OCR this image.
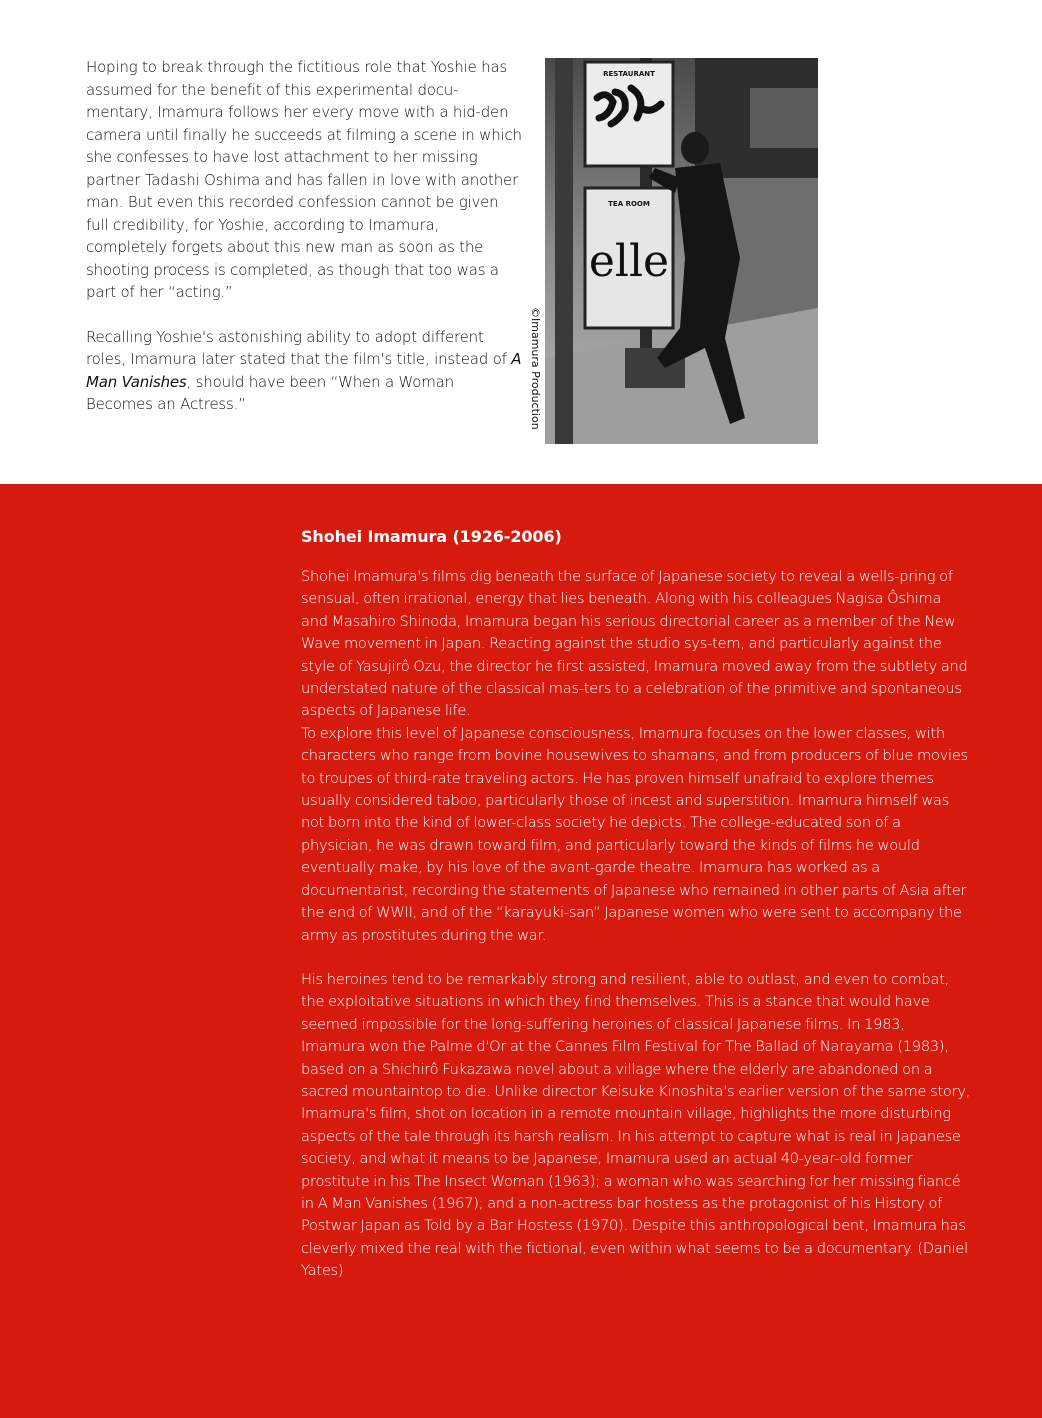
Hoping to break through the fictitious role that Yoshie has assumed for the benefit of this experimental docu-mentary, Imamura follows her every move with a hid-den camera until finally he succeeds at filming a scene in which she confesses to have lost attachment to her missing partner Tadashi Oshima and has fallen in love with another man. But even this recorded confession cannot be given full credibility, for Yoshie, according to Imamura, completely forgets about this new man as soon as the shooting process is completed, as though that too was a part of her “acting.”

Recalling Yoshie's astonishing ability to adopt different roles, Imamura later stated that the film's title, instead of A Man Vanishes, should have been “When a Woman Becomes an Actress.”

RESTAURANT
TEA ROOM
elle
©Imamura Production
Shohei Imamura (1926-2006)

Shohei Imamura's films dig beneath the surface of Japanese society to reveal a wells-pring of sensual, often irrational, energy that lies beneath. Along with his colleagues Nagisa Ôshima and Masahiro Shinoda, Imamura began his serious directorial career as a member of the New Wave movement in Japan. Reacting against the studio sys-tem, and particularly against the style of Yasujirô Ozu, the director he first assisted, Imamura moved away from the subtlety and understated nature of the classical mas-ters to a celebration of the primitive and spontaneous aspects of Japanese life.

To explore this level of Japanese consciousness, Imamura focuses on the lower classes, with characters who range from bovine housewives to shamans, and from producers of blue movies to troupes of third-rate traveling actors. He has proven himself unafraid to explore themes usually considered taboo, particularly those of incest and superstition. Imamura himself was not born into the kind of lower-class society he depicts. The college-educated son of a physician, he was drawn toward film, and particularly toward the kinds of films he would eventually make, by his love of the avant-garde theatre. Imamura has worked as a documentarist, recording the statements of Japanese who remained in other parts of Asia after the end of WWII, and of the “karayuki-san” Japanese women who were sent to accompany the army as prostitutes during the war.

His heroines tend to be remarkably strong and resilient, able to outlast, and even to combat, the exploitative situations in which they find themselves. This is a stance that would have seemed impossible for the long-suffering heroines of classical Japanese films. In 1983, Imamura won the Palme d'Or at the Cannes Film Festival for The Ballad of Narayama (1983), based on a Shichirô Fukazawa novel about a village where the elderly are abandoned on a sacred mountaintop to die. Unlike director Keisuke Kinoshita's earlier version of the same story, Imamura's film, shot on location in a remote mountain village, highlights the more disturbing aspects of the tale through its harsh realism. In his attempt to capture what is real in Japanese society, and what it means to be Japanese, Imamura used an actual 40-year-old former prostitute in his The Insect Woman (1963); a woman who was searching for her missing fiancé in A Man Vanishes (1967); and a non-actress bar hostess as the protagonist of his History of Postwar Japan as Told by a Bar Hostess (1970). Despite this anthropological bent, Imamura has cleverly mixed the real with the fictional, even within what seems to be a documentary. (Daniel Yates)
